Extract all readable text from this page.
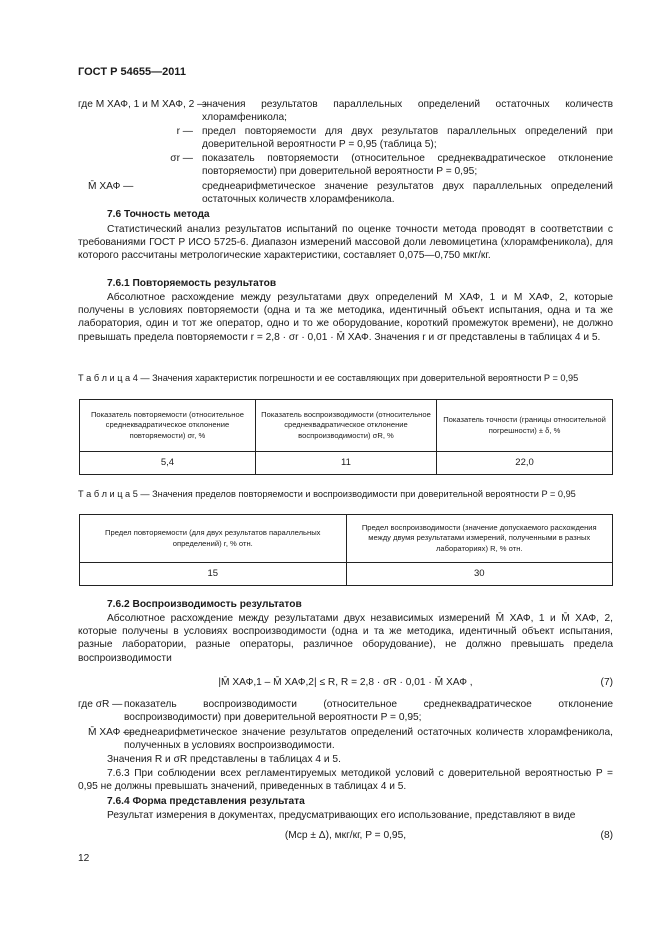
ГОСТ Р 54655—2011
где M ХАФ, 1 и M ХАФ, 2 —
значения результатов параллельных определений остаточных количеств хлорамфеникола;
r — предел повторяемости для двух результатов параллельных определений при доверительной вероятности P = 0,95 (таблица 5);
σr — показатель повторяемости (относительное среднеквадратическое отклонение повторяемости) при доверительной вероятности P = 0,95;
M̄ ХАФ —	среднеарифметическое значение результатов двух параллельных определений остаточных количеств хлорамфеникола.
7.6 Точность метода
Статистический анализ результатов испытаний по оценке точности метода проводят в соответствии с требованиями ГОСТ Р ИСО 5725-6. Диапазон измерений массовой доли левомицетина (хлорамфеникола), для которого рассчитаны метрологические характеристики, составляет 0,075—0,750 мкг/кг.
7.6.1 Повторяемость результатов
Абсолютное расхождение между результатами двух определений M ХАФ, 1 и M ХАФ, 2, которые получены в условиях повторяемости (одна и та же методика, идентичный объект испытания, одна и та же лаборатория, один и тот же оператор, одно и то же оборудование, короткий промежуток времени), не должно превышать предела повторяемости r = 2,8 · σr · 0,01 · M̄ ХАФ. Значения r и σr представлены в таблицах 4 и 5.
Т а б л и ц а 4 — Значения характеристик погрешности и ее составляющих при доверительной вероятности P = 0,95
Показатель повторяемости (относительное среднеквадратическое отклонение повторяемости) σr, %	Показатель воспроизводимости (относительное среднеквадратическое отклонение воспроизводимости) σR, %	Показатель точности (границы относительной погрешности) ± δ, %
5,4	11	22,0
Т а б л и ц а 5 — Значения пределов повторяемости и воспроизводимости при доверительной вероятности P = 0,95
Предел повторяемости (для двух результатов параллельных определений) r, % отн.	Предел воспроизводимости (значение допускаемого расхождения между двумя результатами измерений, полученными в разных лабораториях) R, % отн.
15	30
7.6.2 Воспроизводимость результатов
Абсолютное расхождение между результатами двух независимых измерений M̄ ХАФ, 1 и M̄ ХАФ, 2, которые получены в условиях воспроизводимости (одна и та же методика, идентичный объект испытания, разные лаборатории, разные операторы, различное оборудование), не должно превышать предела воспроизводимости
|M̄ ХАФ,1 – M̄ ХАФ,2| ≤ R, R = 2,8 · σR · 0,01 · M̄ ХАФ ,	(7)
где σR — показатель воспроизводимости (относительное среднеквадратическое отклонение воспроизводимости) при доверительной вероятности P = 0,95;
M̄ ХАФ —
среднеарифметическое значение результатов определений остаточных количеств хлорамфеникола, полученных в условиях воспроизводимости.
Значения R и σR представлены в таблицах 4 и 5.
7.6.3 При соблюдении всех регламентируемых методикой условий с доверительной вероятностью P = 0,95 не должны превышать значений, приведенных в таблицах 4 и 5.
7.6.4 Форма представления результата
Результат измерения в документах, предусматривающих его использование, представляют в виде
(Mср ± Δ), мкг/кг, P = 0,95,	(8)
12
